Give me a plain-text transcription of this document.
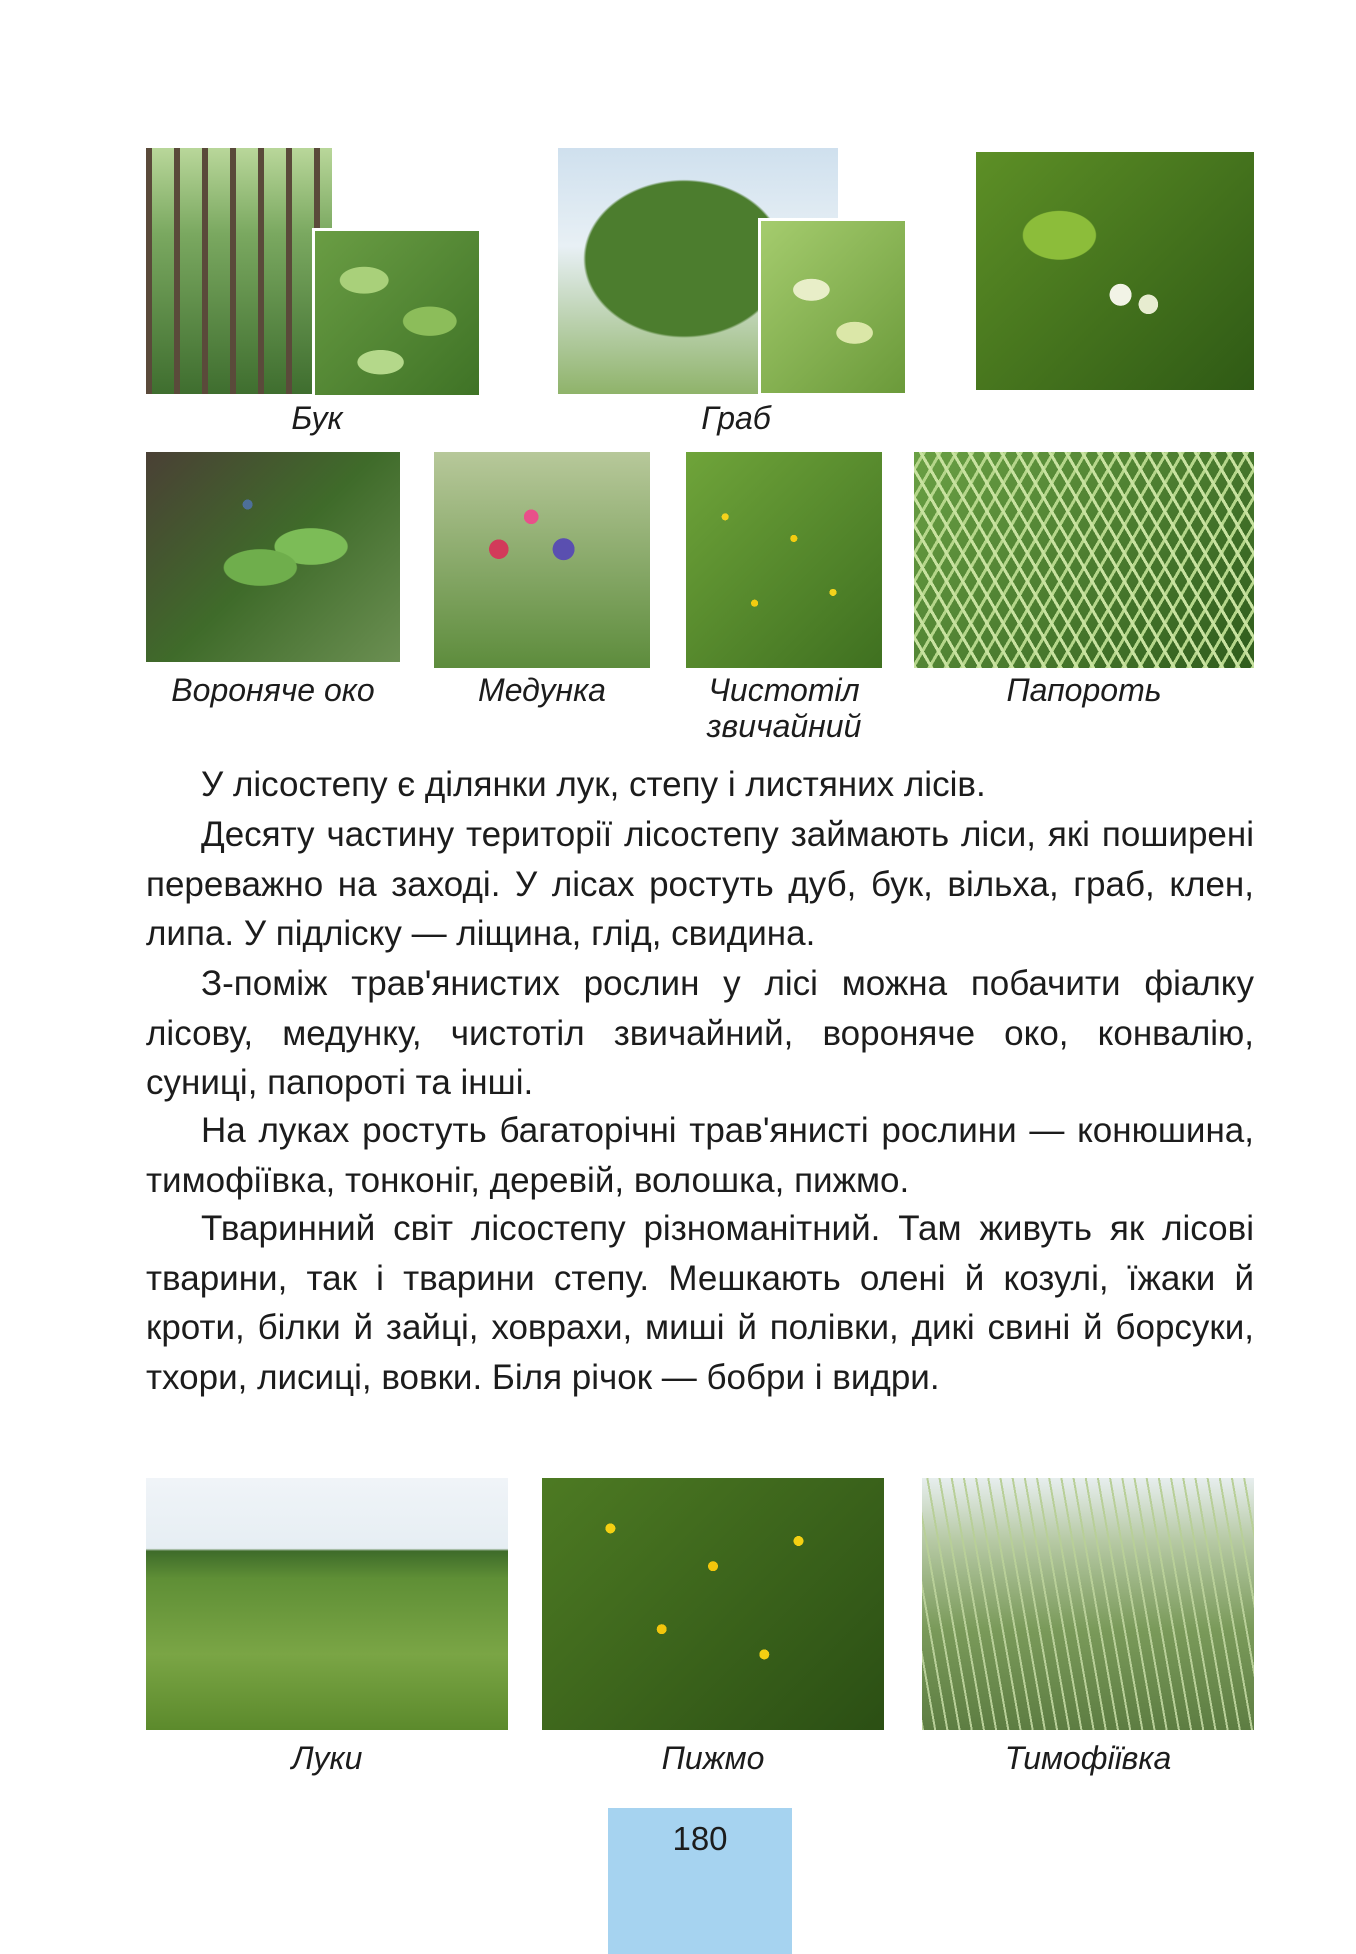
Бук	Граб
Вороняче око	Медунка	Чистотіл
звичайний
Папороть

У лісостепу є ділянки лук, степу і листяних лісів.

Десяту частину території лісостепу займають ліси, які поширені переважно на заході. У лісах ростуть дуб, бук, вільха, граб, клен, липа. У підліску — ліщина, глід, свидина.

З-поміж трав'янистих рослин у лісі можна побачити фіалку лісову, медунку, чистотіл звичайний, вороняче око, конвалію, суниці, папороті та інші.

На луках ростуть багаторічні трав'янисті рослини — конюшина, тимофіївка, тонконіг, деревій, волошка, пижмо.

Тваринний світ лісостепу різноманітний. Там живуть як лісові тварини, так і тварини степу. Мешкають олені й козулі, їжаки й кроти, білки й зайці, ховрахи, миші й полівки, дикі свині й борсуки, тхори, лисиці, вовки. Біля річок — бобри і видри.

Луки	Пижмо	Тимофіївка
180
